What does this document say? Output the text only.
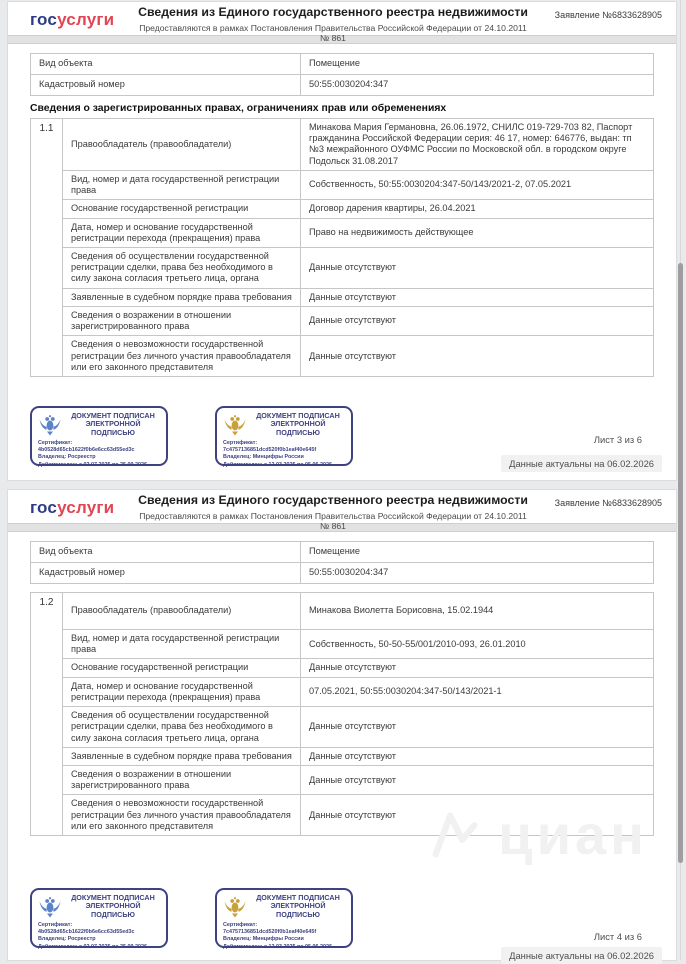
госуслуги Сведения из Единого государственного реестра недвижимости
Предоставляются в рамках Постановления Правительства Российской Федерации от 24.10.2011 № 861
Заявление №6833628905
Вид объекта	Помещение
Кадастровый номер	50:55:0030204:347
Сведения о зарегистрированных правах, ограничениях прав или обременениях
1.1	Правообладатель (правообладатели)	Минакова Мария Германовна, 26.06.1972, СНИЛС 019-729-703 82, Паспорт гражданина Российской Федерации серия: 46 17, номер: 646776, выдан: тп №3 межрайонного ОУФМС России по Московской обл. в городском округе Подольск 31.08.2017
	Вид, номер и дата государственной регистрации права	Собственность, 50:55:0030204:347-50/143/2021-2, 07.05.2021
	Основание государственной регистрации	Договор дарения квартиры, 26.04.2021
	Дата, номер и основание государственной регистрации перехода (прекращения) права	Право на недвижимость действующее
	Сведения об осуществлении государственной регистрации сделки, права без необходимого в силу закона согласия третьего лица, органа	Данные отсутствуют
	Заявленные в судебном порядке права требования	Данные отсутствуют
	Сведения о возражении в отношении зарегистрированного права	Данные отсутствуют
	Сведения о невозможности государственной регистрации без личного участия правообладателя или его законного представителя	Данные отсутствуют
ДОКУМЕНТ ПОДПИСАН
ЭЛЕКТРОННОЙ
ПОДПИСЬЮ
Сертификат: 4b0528d65cb1622f0b6e6cc63d55ed3c
Владелец: Росреестр
Действителен: с 02.07.2025 по 25.09.2026
ДОКУМЕНТ ПОДПИСАН
ЭЛЕКТРОННОЙ
ПОДПИСЬЮ
Сертификат: 7c4757136851dcd520f0b1eaf40e645f
Владелец: Минцифры России
Действителен: с 12.03.2025 по 05.06.2026
Лист 3 из 6
Данные актуальны на 06.02.2026
госуслуги Сведения из Единого государственного реестра недвижимости
Предоставляются в рамках Постановления Правительства Российской Федерации от 24.10.2011 № 861
Заявление №6833628905
Вид объекта	Помещение
Кадастровый номер	50:55:0030204:347
1.2	Правообладатель (правообладатели)	Минакова Виолетта Борисовна, 15.02.1944
	Вид, номер и дата государственной регистрации права	Собственность, 50-50-55/001/2010-093, 26.01.2010
	Основание государственной регистрации	Данные отсутствуют
	Дата, номер и основание государственной регистрации перехода (прекращения) права	07.05.2021, 50:55:0030204:347-50/143/2021-1
	Сведения об осуществлении государственной регистрации сделки, права без необходимого в силу закона согласия третьего лица, органа	Данные отсутствуют
	Заявленные в судебном порядке права требования	Данные отсутствуют
	Сведения о возражении в отношении зарегистрированного права	Данные отсутствуют
	Сведения о невозможности государственной регистрации без личного участия правообладателя или его законного представителя	Данные отсутствуют циан
ДОКУМЕНТ ПОДПИСАН
ЭЛЕКТРОННОЙ
ПОДПИСЬЮ
Сертификат: 4b0528d65cb1622f0b6e6cc63d55ed3c
Владелец: Росреестр
Действителен: с 02.07.2025 по 25.09.2026
ДОКУМЕНТ ПОДПИСАН
ЭЛЕКТРОННОЙ
ПОДПИСЬЮ
Сертификат: 7c4757136851dcd520f0b1eaf40e645f
Владелец: Минцифры России
Действителен: с 12.03.2025 по 05.06.2026
Лист 4 из 6
Данные актуальны на 06.02.2026
